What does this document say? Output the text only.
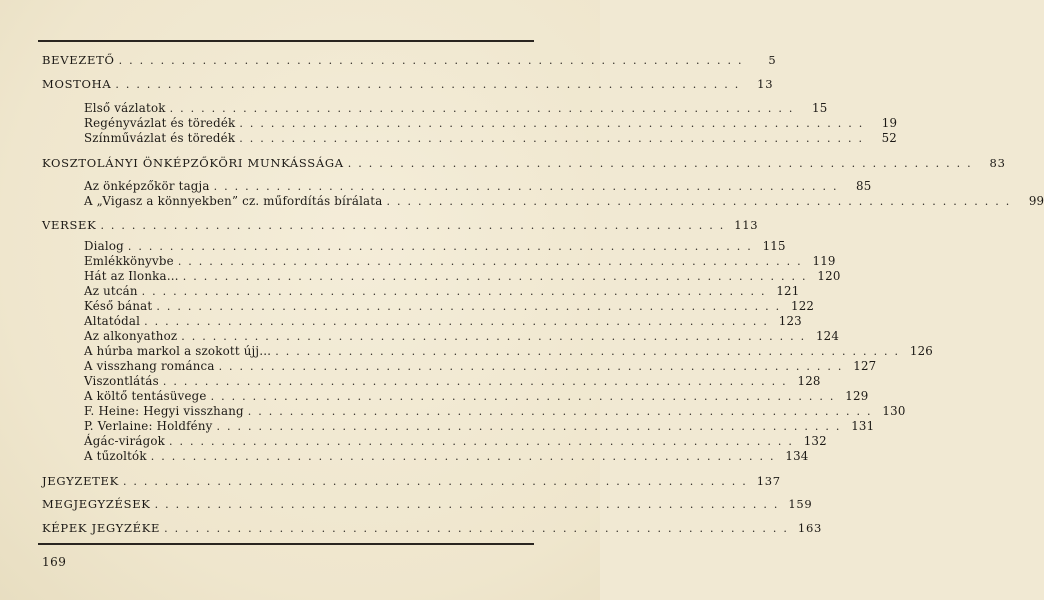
BEVEZETŐ ............................................................	5
MOSTOHA ............................................................	13
Első vázlatok ............................................................	15
Regényvázlat és töredék ............................................................	19
Színművázlat és töredék ............................................................	52
KOSZTOLÁNYI ÖNKÉPZŐKÖRI MUNKÁSSÁGA ............................................................	83
Az önképzőkör tagja ............................................................	85
A „Vigasz a könnyekben” cz. műfordítás bírálata ............................................................	99
VERSEK ............................................................ 113
Dialog ............................................................ 115
Emlékkönyvbe ............................................................ 119
Hát az Ilonka… ............................................................ 120
Az utcán ............................................................ 121
Késő bánat ............................................................ 122
Altatódal ............................................................ 123
Az alkonyathoz ............................................................ 124
A húrba markol a szokott újj… ............................................................ 126
A visszhang románca ............................................................ 127
Viszontlátás ............................................................ 128
A költő tentásüvege ............................................................ 129
F. Heine: Hegyi visszhang ............................................................ 130
P. Verlaine: Holdfény ............................................................ 131
Ágác-virágok ............................................................ 132
A tűzoltók ............................................................ 134
JEGYZETEK ............................................................ 137
MEGJEGYZÉSEK ............................................................ 159
KÉPEK JEGYZÉKE ............................................................ 163
169
